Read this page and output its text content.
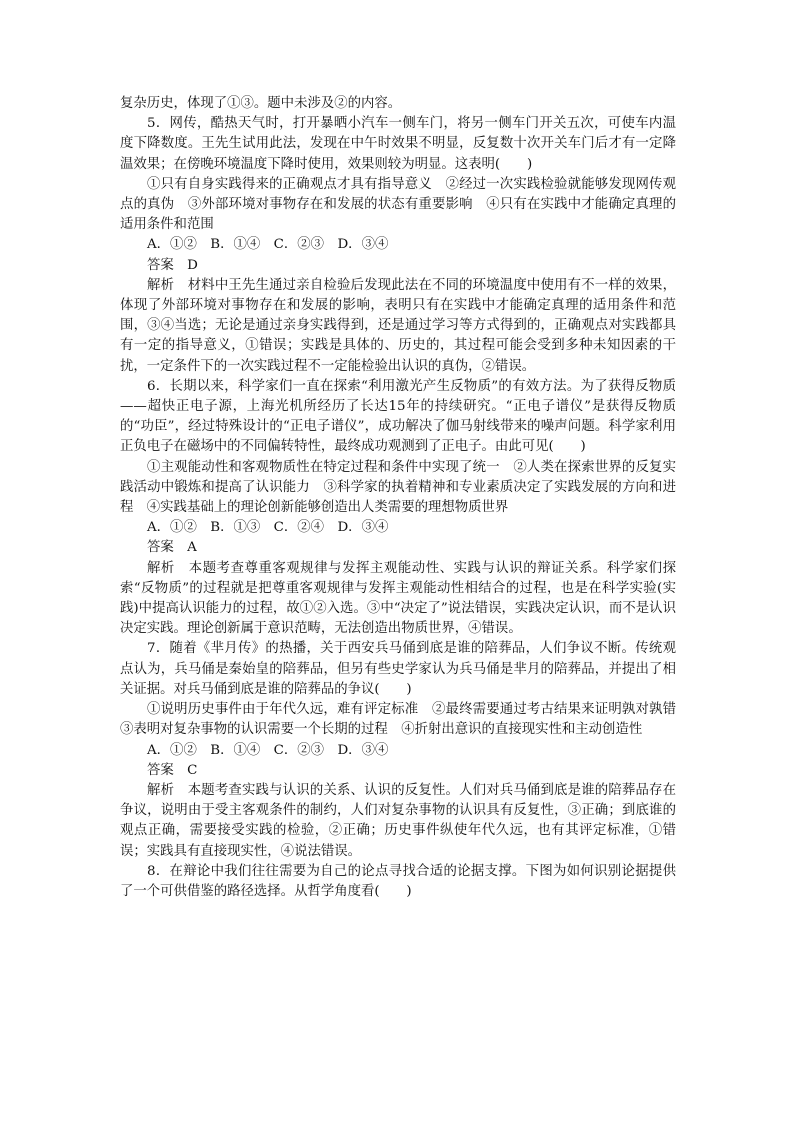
复杂历史，体现了①③。题中未涉及②的内容。

5．网传，酷热天气时，打开暴晒小汽车一侧车门，将另一侧车门开关五次，可使车内温度下降数度。王先生试用此法，发现在中午时效果不明显，反复数十次开关车门后才有一定降温效果；在傍晚环境温度下降时使用，效果则较为明显。这表明(　　)

①只有自身实践得来的正确观点才具有指导意义　②经过一次实践检验就能够发现网传观点的真伪　③外部环境对事物存在和发展的状态有重要影响　④只有在实践中才能确定真理的适用条件和范围

A．①②　B．①④　C．②③　D．③④

答案　D

解析　材料中王先生通过亲自检验后发现此法在不同的环境温度中使用有不一样的效果，体现了外部环境对事物存在和发展的影响，表明只有在实践中才能确定真理的适用条件和范围，③④当选；无论是通过亲身实践得到，还是通过学习等方式得到的，正确观点对实践都具有一定的指导意义，①错误；实践是具体的、历史的，其过程可能会受到多种未知因素的干扰，一定条件下的一次实践过程不一定能检验出认识的真伪，②错误。

6．长期以来，科学家们一直在探索“利用激光产生反物质”的有效方法。为了获得反物质——超快正电子源，上海光机所经历了长达15年的持续研究。“正电子谱仪”是获得反物质的“功臣”，经过特殊设计的“正电子谱仪”，成功解决了伽马射线带来的噪声问题。科学家利用正负电子在磁场中的不同偏转特性，最终成功观测到了正电子。由此可见(　　)

①主观能动性和客观物质性在特定过程和条件中实现了统一　②人类在探索世界的反复实践活动中锻炼和提高了认识能力　③科学家的执着精神和专业素质决定了实践发展的方向和进程　④实践基础上的理论创新能够创造出人类需要的理想物质世界

A．①②　B．①③　C．②④　D．③④

答案　A

解析　本题考查尊重客观规律与发挥主观能动性、实践与认识的辩证关系。科学家们探索“反物质”的过程就是把尊重客观规律与发挥主观能动性相结合的过程，也是在科学实验(实践)中提高认识能力的过程，故①②入选。③中“决定了”说法错误，实践决定认识，而不是认识决定实践。理论创新属于意识范畴，无法创造出物质世界，④错误。

7．随着《芈月传》的热播，关于西安兵马俑到底是谁的陪葬品，人们争议不断。传统观点认为，兵马俑是秦始皇的陪葬品，但另有些史学家认为兵马俑是芈月的陪葬品，并提出了相关证据。对兵马俑到底是谁的陪葬品的争议(　　)

①说明历史事件由于年代久远，难有评定标准　②最终需要通过考古结果来证明孰对孰错　③表明对复杂事物的认识需要一个长期的过程　④折射出意识的直接现实性和主动创造性

A．①②　B．①④　C．②③　D．③④

答案　C

解析　本题考查实践与认识的关系、认识的反复性。人们对兵马俑到底是谁的陪葬品存在争议，说明由于受主客观条件的制约，人们对复杂事物的认识具有反复性，③正确；到底谁的观点正确，需要接受实践的检验，②正确；历史事件纵使年代久远，也有其评定标准，①错误；实践具有直接现实性，④说法错误。

8．在辩论中我们往往需要为自己的论点寻找合适的论据支撑。下图为如何识别论据提供了一个可供借鉴的路径选择。从哲学角度看(　　)
